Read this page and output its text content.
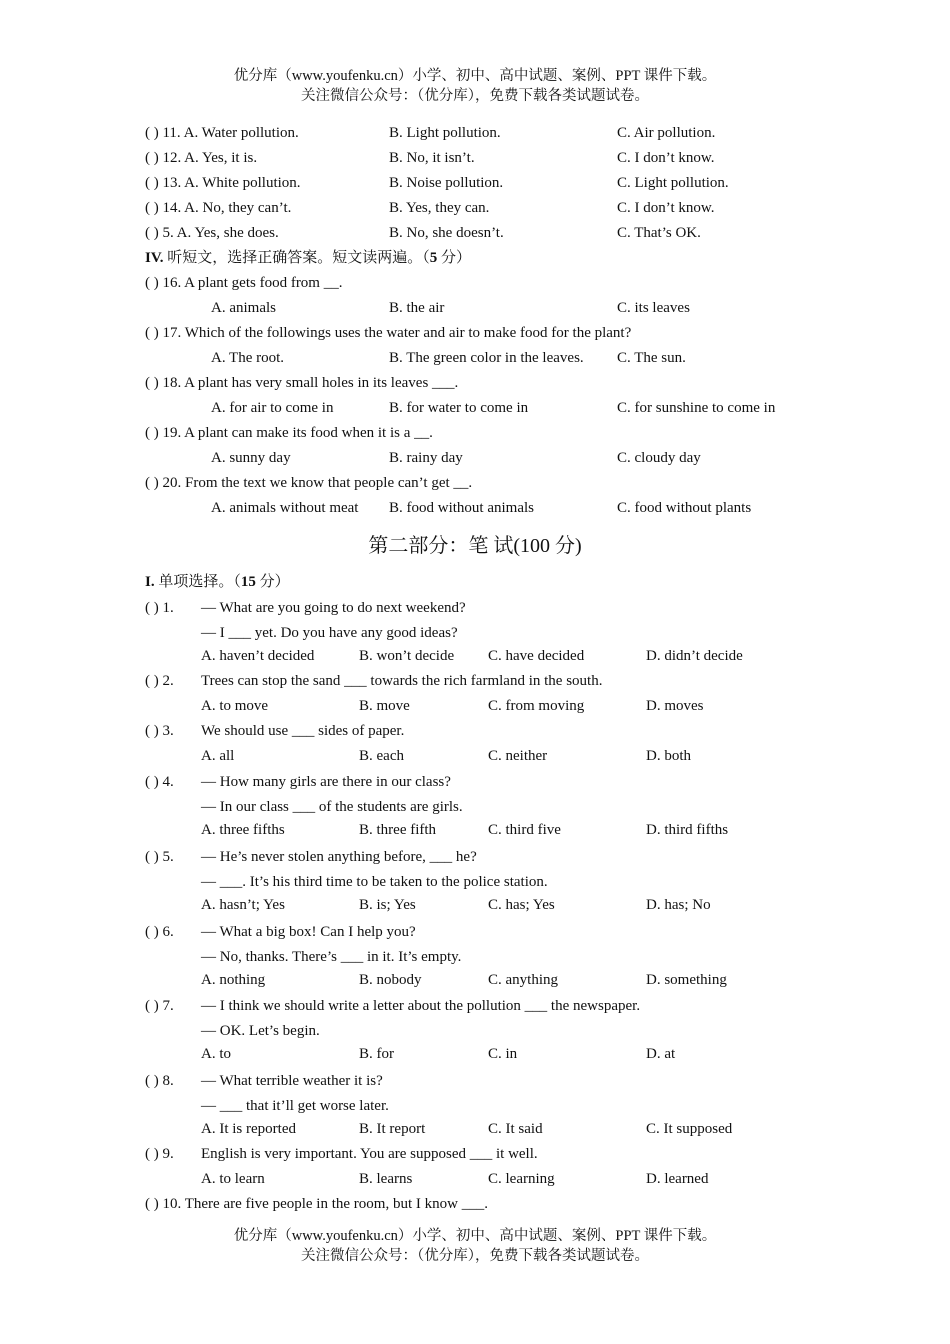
优分库（www.youfenku.cn）小学、初中、高中试题、案例、PPT 课件下载。
关注微信公众号：（优分库），免费下载各类试题试卷。
( ) 11. A. Water pollution.	B. Light pollution.	C. Air pollution.
( ) 12. A. Yes, it is.	B. No, it isn’t.	C. I don’t know.
( ) 13. A. White pollution.	B. Noise pollution.	C. Light pollution.
( ) 14. A. No, they can’t.	B. Yes, they can.	C. I don’t know.
( ) 5. A. Yes, she does.	B. No, she doesn’t.	C. That’s OK.
IV. 听短文，选择正确答案。短文读两遍。（5 分）
( ) 16. A plant gets food from __.
A. animals	B. the air	C. its leaves
( ) 17. Which of the followings uses the water and air to make food for the plant?
A. The root.	B. The green color in the leaves. C. The sun.
( ) 18. A plant has very small holes in its leaves ___.
A. for air to come in	B. for water to come in	C. for sunshine to come in
( ) 19. A plant can make its food when it is a __.
A. sunny day	B. rainy day	C. cloudy day
( ) 20. From the text we know that people can’t get __.
A. animals without meat B. food without animals	C. food without plants
第二部分：笔 试(100 分)
I. 单项选择。（15 分）
( ) 1. — What are you going to do next weekend?
— I ___ yet. Do you have any good ideas?
A. haven’t decided	B. won’t decide C. have decided	D. didn’t decide
( ) 2. Trees can stop the sand ___ towards the rich farmland in the south.
A. to move	B. move	C. from moving	D. moves
( ) 3. We should use ___ sides of paper.
A. all	B. each	C. neither	D. both
( ) 4. — How many girls are there in our class?
— In our class ___ of the students are girls.
A. three fifths	B. three fifth	C. third five	D. third fifths
( ) 5. — He’s never stolen anything before, ___ he?
— ___. It’s his third time to be taken to the police station.
A. hasn’t; Yes	B. is; Yes	C. has; Yes	D. has; No
( ) 6. — What a big box! Can I help you?
— No, thanks. There’s ___ in it. It’s empty.
A. nothing	B. nobody	C. anything	D. something
( ) 7. — I think we should write a letter about the pollution ___ the newspaper.
— OK. Let’s begin.
A. to	B. for	C. in	D. at
( ) 8. — What terrible weather it is?
— ___ that it’ll get worse later.
A. It is reported	B. It report	C. It said	C. It supposed
( ) 9. English is very important. You are supposed ___ it well.
A. to learn	B. learns	C. learning	D. learned
( ) 10. There are five people in the room, but I know ___.
优分库（www.youfenku.cn）小学、初中、高中试题、案例、PPT 课件下载。
关注微信公众号：（优分库），免费下载各类试题试卷。
